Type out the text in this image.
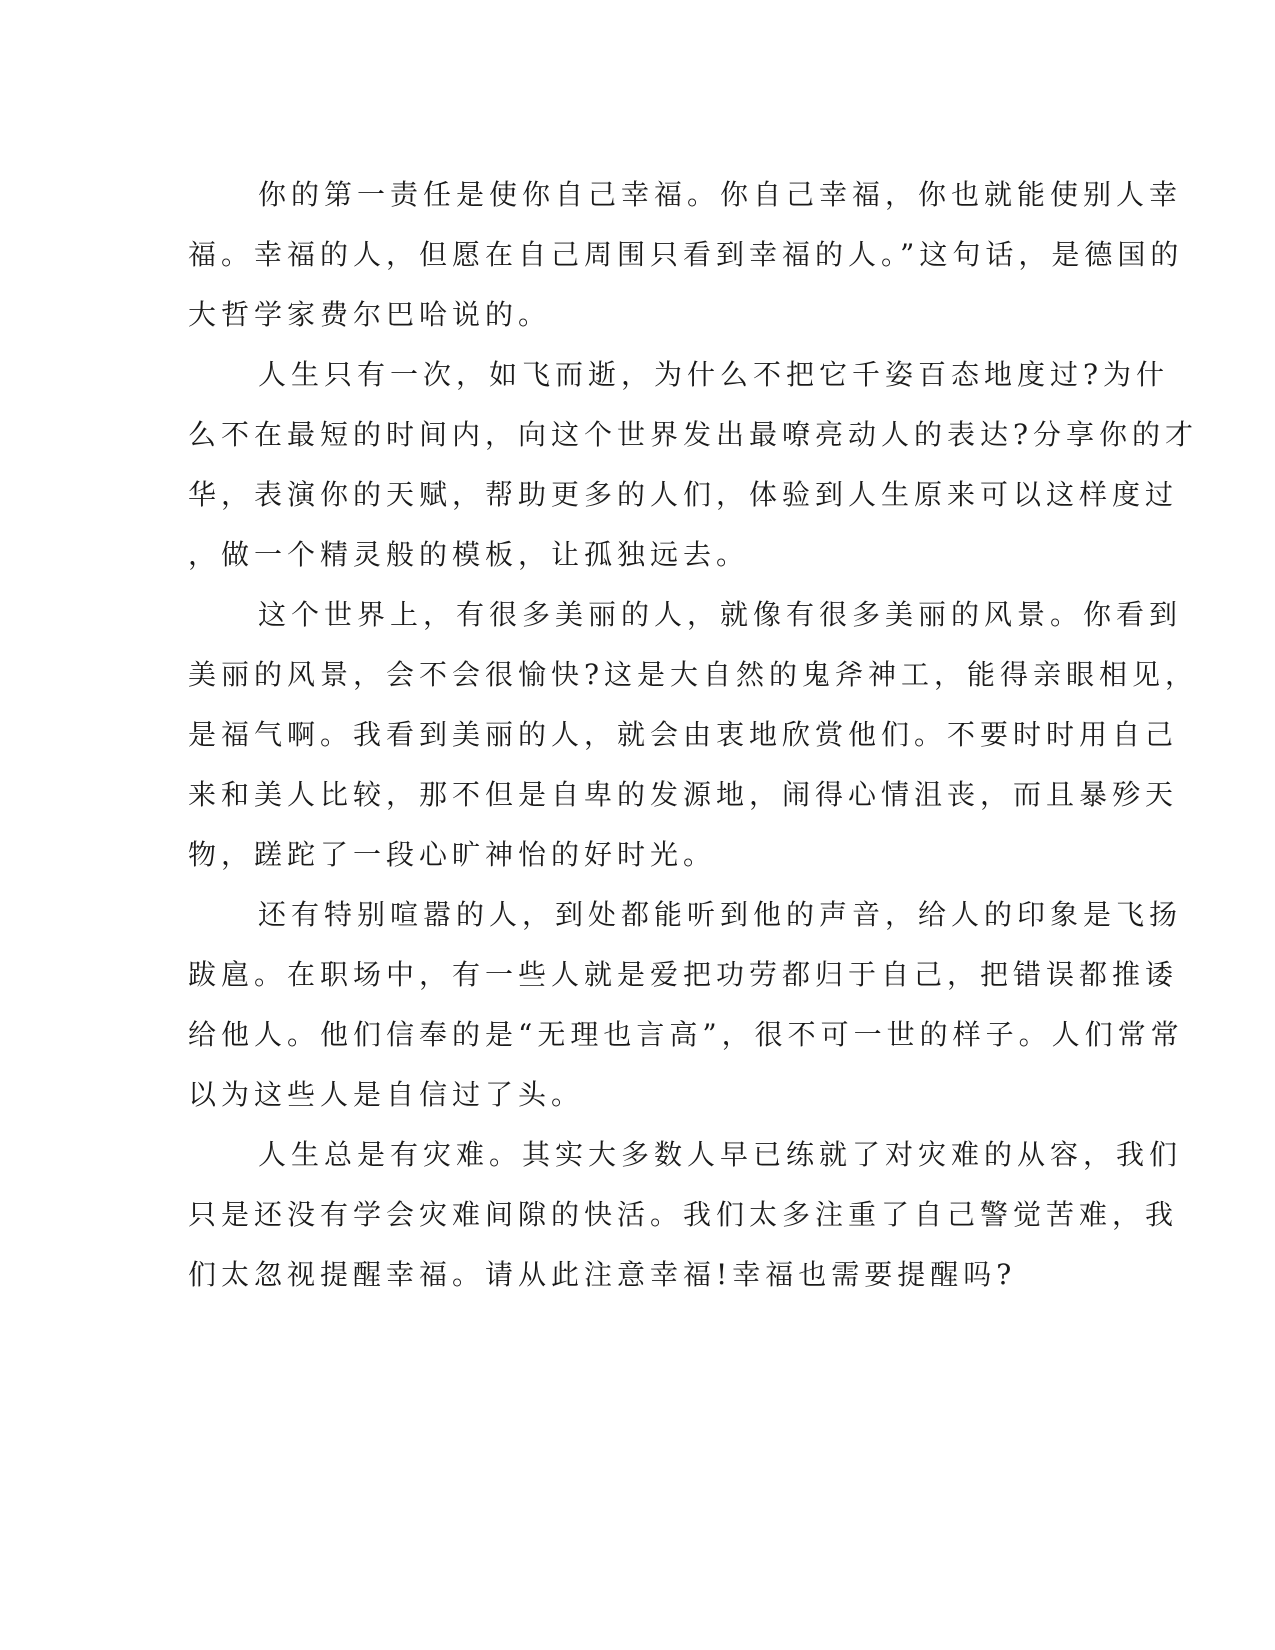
你的第一责任是使你自己幸福。你自己幸福，你也就能使别人幸
福。幸福的人，但愿在自己周围只看到幸福的人。”这句话，是德国的
大哲学家费尔巴哈说的。
人生只有一次，如飞而逝，为什么不把它千姿百态地度过?为什
么不在最短的时间内，向这个世界发出最嘹亮动人的表达?分享你的才
华，表演你的天赋，帮助更多的人们，体验到人生原来可以这样度过
，做一个精灵般的模板，让孤独远去。
这个世界上，有很多美丽的人，就像有很多美丽的风景。你看到
美丽的风景，会不会很愉快?这是大自然的鬼斧神工，能得亲眼相见，
是福气啊。我看到美丽的人，就会由衷地欣赏他们。不要时时用自己
来和美人比较，那不但是自卑的发源地，闹得心情沮丧，而且暴殄天
物，蹉跎了一段心旷神怡的好时光。
还有特别喧嚣的人，到处都能听到他的声音，给人的印象是飞扬
跋扈。在职场中，有一些人就是爱把功劳都归于自己，把错误都推诿
给他人。他们信奉的是“无理也言高”，很不可一世的样子。人们常常
以为这些人是自信过了头。
人生总是有灾难。其实大多数人早已练就了对灾难的从容，我们
只是还没有学会灾难间隙的快活。我们太多注重了自己警觉苦难，我
们太忽视提醒幸福。请从此注意幸福!幸福也需要提醒吗?
